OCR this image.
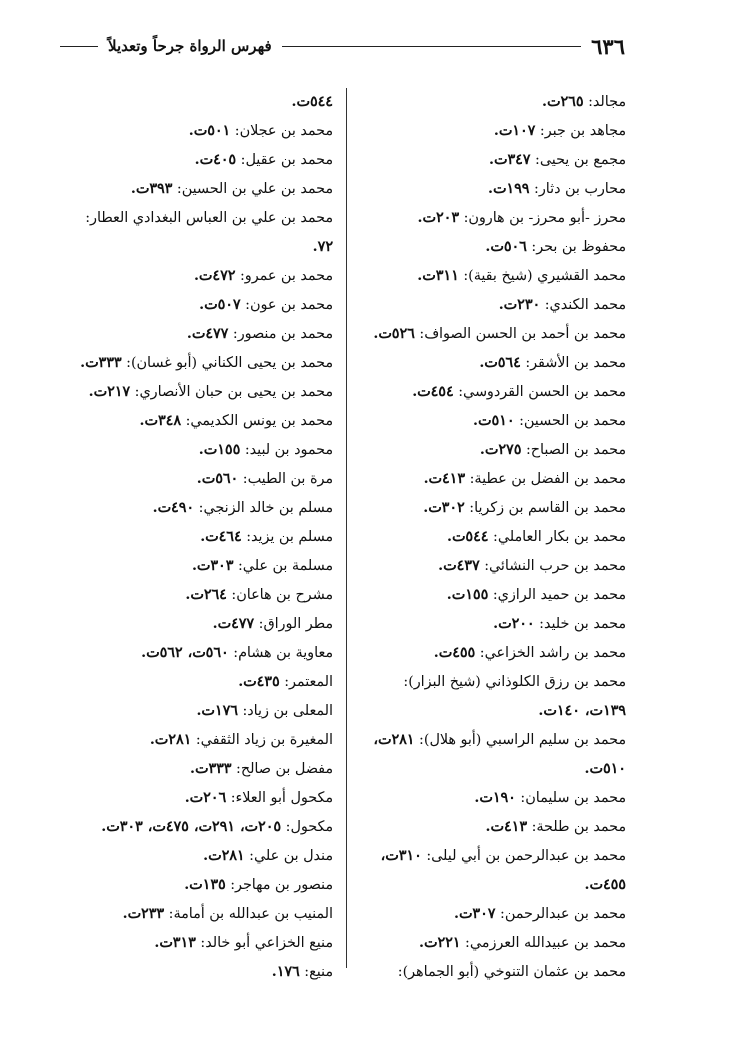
٦٣٦
فهرس الرواة جرحاً وتعديلاً
مجالد: ٢٦٥ت.
مجاهد بن جبر: ١٠٧ت.
مجمع بن يحيى: ٣٤٧ت.
محارب بن دثار: ١٩٩ت.
محرز -أبو محرز- بن هارون: ٢٠٣ت.
محفوظ بن بحر: ٥٠٦ت.
محمد القشيري (شيخ بقية): ٣١١ت.
محمد الكندي: ٢٣٠ت.
محمد بن أحمد بن الحسن الصواف: ٥٢٦ت.
محمد بن الأشقر: ٥٦٤ت.
محمد بن الحسن القردوسي: ٤٥٤ت.
محمد بن الحسين: ٥١٠ت.
محمد بن الصباح: ٢٧٥ت.
محمد بن الفضل بن عطية: ٤١٣ت.
محمد بن القاسم بن زكريا: ٣٠٢ت.
محمد بن بكار العاملي: ٥٤٤ت.
محمد بن حرب النشائي: ٤٣٧ت.
محمد بن حميد الرازي: ١٥٥ت.
محمد بن خليد: ٢٠٠ت.
محمد بن راشد الخزاعي: ٤٥٥ت.
محمد بن رزق الكلوذاني (شيخ البزار):
١٣٩ت، ١٤٠ت.
محمد بن سليم الراسبي (أبو هلال): ٢٨١ت،
٥١٠ت.
محمد بن سليمان: ١٩٠ت.
محمد بن طلحة: ٤١٣ت.
محمد بن عبدالرحمن بن أبي ليلى: ٣١٠ت،
٤٥٥ت.
محمد بن عبدالرحمن: ٣٠٧ت.
محمد بن عبيدالله العرزمي: ٢٢١ت.
محمد بن عثمان التنوخي (أبو الجماهر):
٥٤٤ت.
محمد بن عجلان: ٥٠١ت.
محمد بن عقيل: ٤٠٥ت.
محمد بن علي بن الحسين: ٣٩٣ت.
محمد بن علي بن العباس البغدادي العطار:
٧٢.
محمد بن عمرو: ٤٧٢ت.
محمد بن عون: ٥٠٧ت.
محمد بن منصور: ٤٧٧ت.
محمد بن يحيى الكناني (أبو غسان): ٣٣٣ت.
محمد بن يحيى بن حبان الأنصاري: ٢١٧ت.
محمد بن يونس الكديمي: ٣٤٨ت.
محمود بن لبيد: ١٥٥ت.
مرة بن الطيب: ٥٦٠ت.
مسلم بن خالد الزنجي: ٤٩٠ت.
مسلم بن يزيد: ٤٦٤ت.
مسلمة بن علي: ٣٠٣ت.
مشرح بن هاعان: ٢٦٤ت.
مطر الوراق: ٤٧٧ت.
معاوية بن هشام: ٥٦٠ت، ٥٦٢ت.
المعتمر: ٤٣٥ت.
المعلى بن زياد: ١٧٦ت.
المغيرة بن زياد الثقفي: ٢٨١ت.
مفضل بن صالح: ٣٣٣ت.
مكحول أبو العلاء: ٢٠٦ت.
مكحول: ٢٠٥ت، ٢٩١ت، ٤٧٥ت، ٣٠٣ت.
مندل بن علي: ٢٨١ت.
منصور بن مهاجر: ١٣٥ت.
المنيب بن عبدالله بن أمامة: ٢٣٣ت.
منيع الخزاعي أبو خالد: ٣١٣ت.
منيع: ١٧٦.
